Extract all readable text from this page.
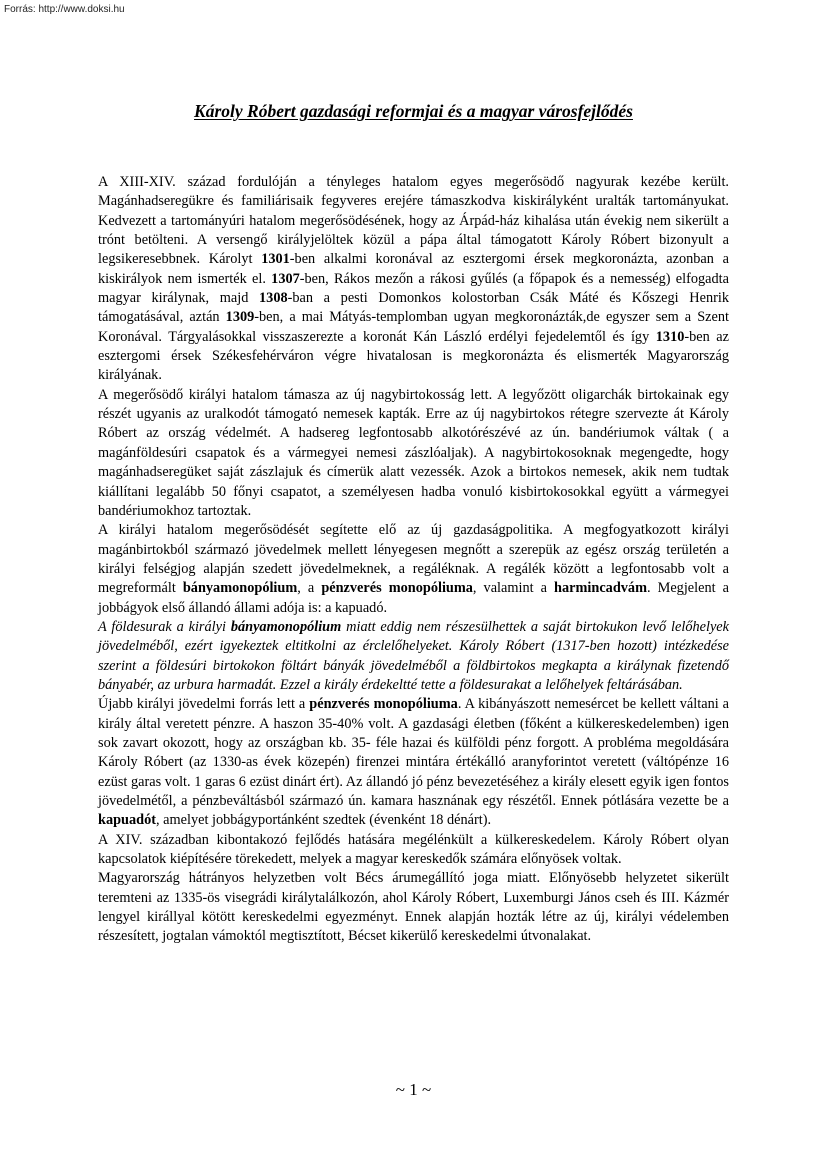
Forrás: http://www.doksi.hu
Károly Róbert gazdasági reformjai és a magyar városfejlődés

A XIII-XIV. század fordulóján a tényleges hatalom egyes megerősödő nagyurak kezébe került. Magánhadseregükre és familiárisaik fegyveres erejére támaszkodva kiskirályként uralták tartományukat. Kedvezett a tartományúri hatalom megerősödésének, hogy az Árpád-ház kihalása után évekig nem sikerült a trónt betölteni. A versengő királyjelöltek közül a pápa által támogatott Károly Róbert bizonyult a legsikeresebbnek. Károlyt 1301-ben alkalmi koronával az esztergomi érsek megkoronázta, azonban a kiskirályok nem ismerték el. 1307-ben, Rákos mezőn a rákosi gyűlés (a főpapok és a nemesség) elfogadta magyar királynak, majd 1308-ban a pesti Domonkos kolostorban Csák Máté és Kőszegi Henrik támogatásával, aztán 1309-ben, a mai Mátyás-templomban ugyan megkoronázták,de egyszer sem a Szent Koronával. Tárgyalásokkal visszaszerezte a koronát Kán László erdélyi fejedelemtől és így 1310-ben az esztergomi érsek Székesfehérváron végre hivatalosan is megkoronázta és elismerték Magyarország királyának.

A megerősödő királyi hatalom támasza az új nagybirtokosság lett. A legyőzött oligarchák birtokainak egy részét ugyanis az uralkodót támogató nemesek kapták. Erre az új nagybirtokos rétegre szervezte át Károly Róbert az ország védelmét. A hadsereg legfontosabb alkotórészévé az ún. bandériumok váltak ( a magánföldesúri csapatok és a vármegyei nemesi zászlóaljak). A nagybirtokosoknak megengedte, hogy magánhadseregüket saját zászlajuk és címerük alatt vezessék. Azok a birtokos nemesek, akik nem tudtak kiállítani legalább 50 főnyi csapatot, a személyesen hadba vonuló kisbirtokosokkal együtt a vármegyei bandériumokhoz tartoztak.

A királyi hatalom megerősödését segítette elő az új gazdaságpolitika. A megfogyatkozott királyi magánbirtokból származó jövedelmek mellett lényegesen megnőtt a szerepük az egész ország területén a királyi felségjog alapján szedett jövedelmeknek, a regáléknak. A regálék között a legfontosabb volt a megreformált bányamonopólium, a pénzverés monopóliuma, valamint a harmincadvám. Megjelent a jobbágyok első állandó állami adója is: a kapuadó.

A földesurak a királyi bányamonopólium miatt eddig nem részesülhettek a saját birtokukon levő lelőhelyek jövedelméből, ezért igyekeztek eltitkolni az érclelőhelyeket. Károly Róbert (1317-ben hozott) intézkedése szerint a földesúri birtokokon föltárt bányák jövedelméből a földbirtokos megkapta a királynak fizetendő bányabér, az urbura harmadát. Ezzel a király érdekeltté tette a földesurakat a lelőhelyek feltárásában.

Újabb királyi jövedelmi forrás lett a pénzverés monopóliuma. A kibányászott nemesércet be kellett váltani a király által veretett pénzre. A haszon 35-40% volt. A gazdasági életben (főként a külkereskedelemben) igen sok zavart okozott, hogy az országban kb. 35- féle hazai és külföldi pénz forgott. A probléma megoldására Károly Róbert (az 1330-as évek közepén) firenzei mintára értékálló aranyforintot veretett (váltópénze 16 ezüst garas volt. 1 garas 6 ezüst dinárt ért). Az állandó jó pénz bevezetéséhez a király elesett egyik igen fontos jövedelmétől, a pénzbeváltásból származó ún. kamara hasznának egy részétől. Ennek pótlására vezette be a kapuadót, amelyet jobbágyportánként szedtek (évenként 18 dénárt).

A XIV. században kibontakozó fejlődés hatására megélénkült a külkereskedelem. Károly Róbert olyan kapcsolatok kiépítésére törekedett, melyek a magyar kereskedők számára előnyösek voltak.

Magyarország hátrányos helyzetben volt Bécs árumegállító joga miatt. Előnyösebb helyzetet sikerült teremteni az 1335-ös visegrádi királytalálkozón, ahol Károly Róbert, Luxemburgi János cseh és III. Kázmér lengyel királlyal kötött kereskedelmi egyezményt. Ennek alapján hozták létre az új, királyi védelemben részesített, jogtalan vámoktól megtisztított, Bécset kikerülő kereskedelmi útvonalakat.

~ 1 ~
